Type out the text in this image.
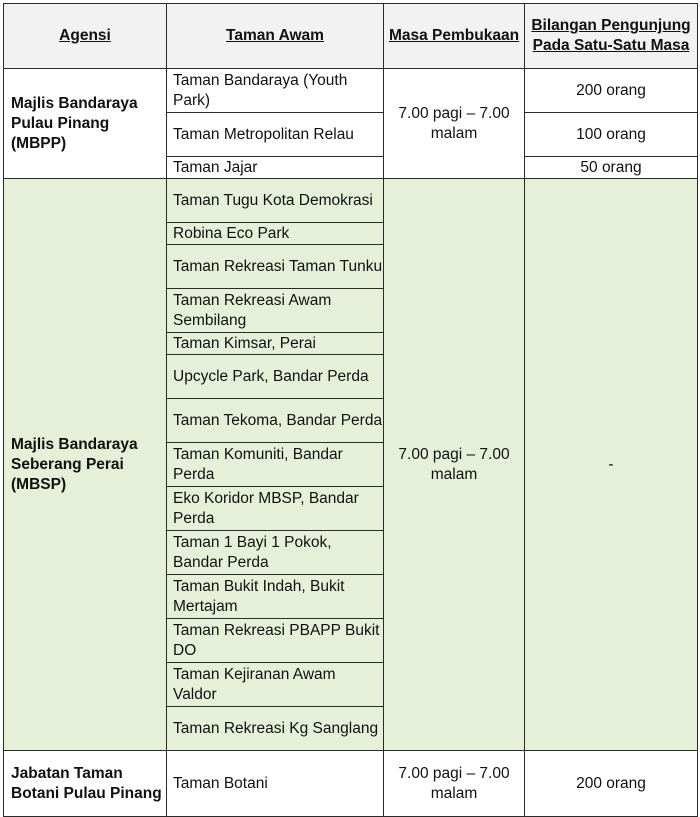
Agensi	Taman Awam	Masa Pembukaan	Bilangan Pengunjung Pada Satu-Satu Masa
Majlis Bandaraya Pulau Pinang (MBPP)	Taman Bandaraya (Youth Park)	7.00 pagi – 7.00 malam	200 orang
	Taman Metropolitan Relau		100 orang
	Taman Jajar		50 orang
Majlis Bandaraya Seberang Perai (MBSP)	Taman Tugu Kota Demokrasi	7.00 pagi – 7.00 malam	-
	Robina Eco Park		
	Taman Rekreasi Taman Tunku		
	Taman Rekreasi Awam Sembilang		
	Taman Kimsar, Perai		
	Upcycle Park, Bandar Perda		
	Taman Tekoma, Bandar Perda		
	Taman Komuniti, Bandar Perda		
	Eko Koridor MBSP, Bandar Perda		
	Taman 1 Bayi 1 Pokok, Bandar Perda		
	Taman Bukit Indah, Bukit Mertajam		
	Taman Rekreasi PBAPP Bukit DO		
	Taman Kejiranan Awam Valdor		
	Taman Rekreasi Kg Sanglang		
Jabatan Taman Botani Pulau Pinang	Taman Botani	7.00 pagi – 7.00 malam	200 orang
